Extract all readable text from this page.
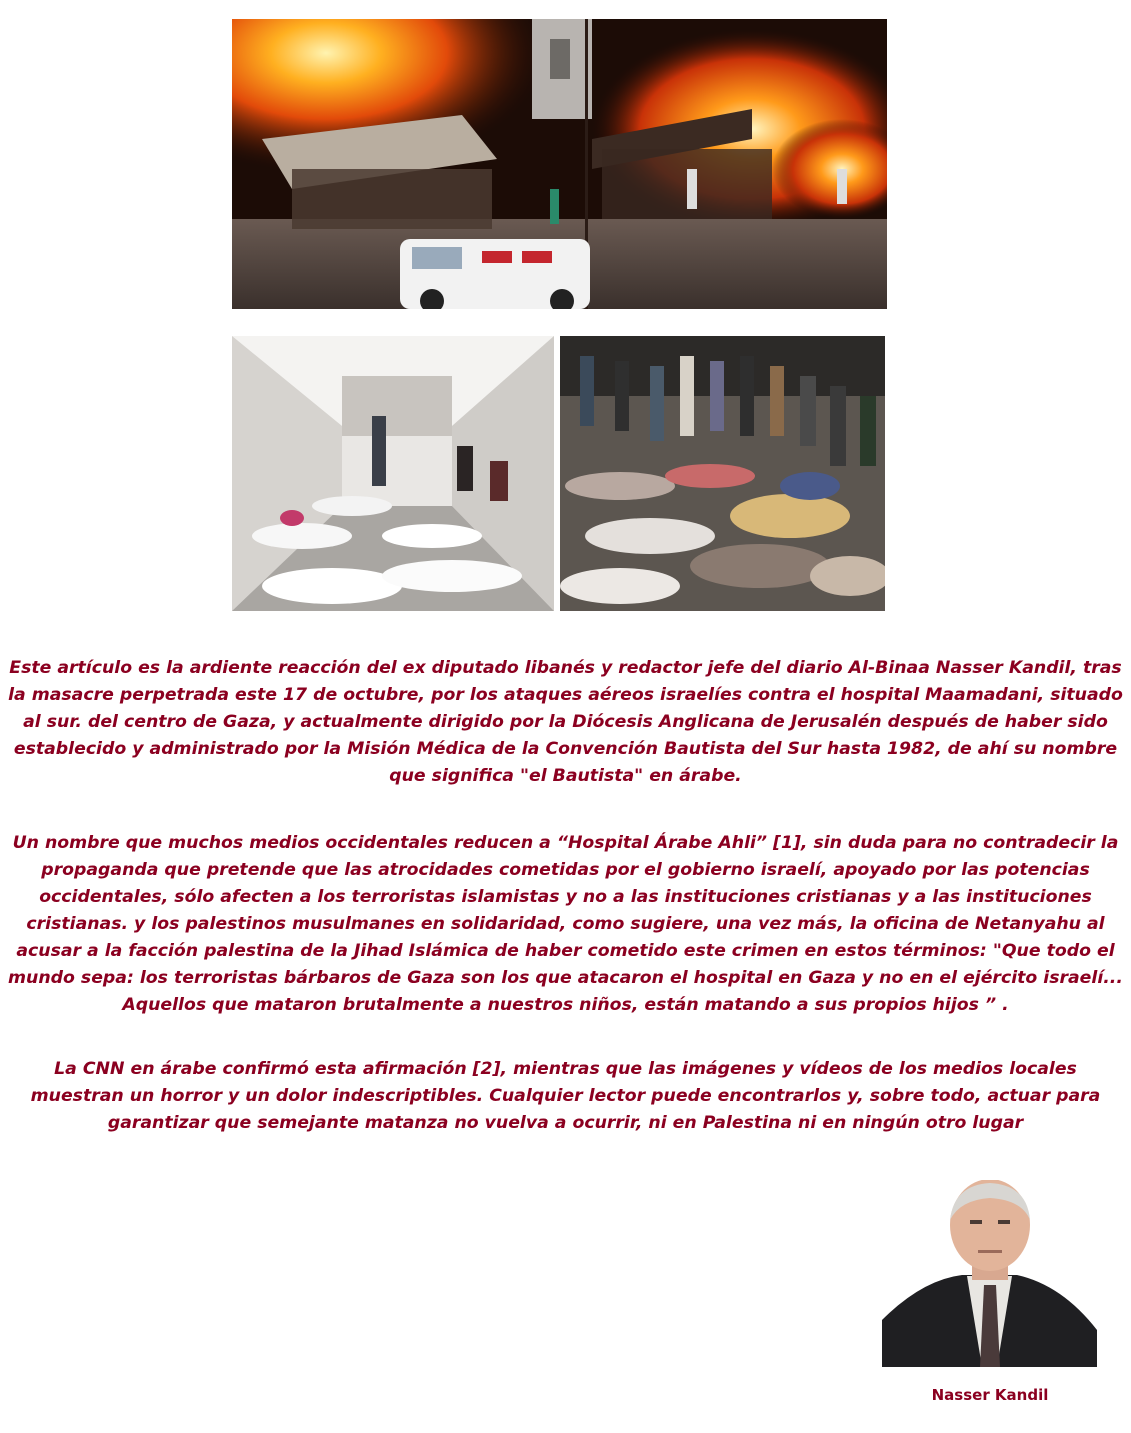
Este artículo es la ardiente reacción del ex diputado libanés y redactor jefe del diario Al-Binaa Nasser Kandil, tras la masacre perpetrada este 17 de octubre, por los ataques aéreos israelíes contra el hospital Maamadani, situado al sur. del centro de Gaza, y actualmente dirigido por la Diócesis Anglicana de Jerusalén después de haber sido establecido y administrado por la Misión Médica de la Convención Bautista del Sur hasta 1982, de ahí su nombre que significa "el Bautista" en árabe.

Un nombre que muchos medios occidentales reducen a “Hospital Árabe Ahli” [1], sin duda para no contradecir la propaganda que pretende que las atrocidades cometidas por el gobierno israelí, apoyado por las potencias occidentales, sólo afecten a los terroristas islamistas y no a las instituciones cristianas y a las instituciones cristianas. y los palestinos musulmanes en solidaridad, como sugiere, una vez más, la oficina de Netanyahu al acusar a la facción palestina de la Jihad Islámica de haber cometido este crimen en estos términos: "Que todo el mundo sepa: los terroristas bárbaros de Gaza son los que atacaron el hospital en Gaza y no en el ejército israelí... Aquellos que mataron brutalmente a nuestros niños, están matando a sus propios hijos ” .

La CNN en árabe confirmó esta afirmación [2], mientras que las imágenes y vídeos de los medios locales muestran un horror y un dolor indescriptibles. Cualquier lector puede encontrarlos y, sobre todo, actuar para garantizar que semejante matanza no vuelva a ocurrir, ni en Palestina ni en ningún otro lugar

Nasser Kandil
